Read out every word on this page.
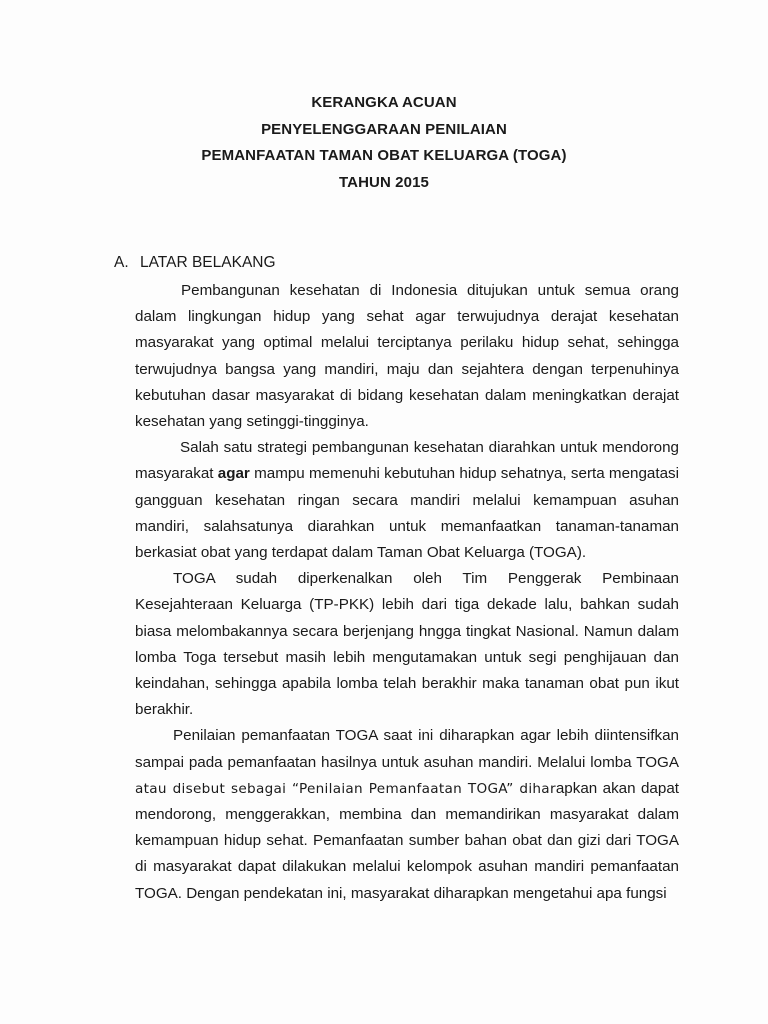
KERANGKA ACUAN
PENYELENGGARAAN PENILAIAN
PEMANFAATAN TAMAN OBAT KELUARGA (TOGA)
TAHUN 2015
A. LATAR BELAKANG

Pembangunan kesehatan di Indonesia ditujukan untuk semua orang dalam lingkungan hidup yang sehat agar terwujudnya derajat kesehatan masyarakat yang optimal melalui terciptanya perilaku hidup sehat, sehingga terwujudnya bangsa yang mandiri, maju dan sejahtera dengan terpenuhinya kebutuhan dasar masyarakat di bidang kesehatan dalam meningkatkan derajat kesehatan yang setinggi-tingginya.

Salah satu strategi pembangunan kesehatan diarahkan untuk mendorong masyarakat agar mampu memenuhi kebutuhan hidup sehatnya, serta mengatasi gangguan kesehatan ringan secara mandiri melalui kemampuan asuhan mandiri, salahsatunya diarahkan untuk memanfaatkan tanaman-tanaman berkasiat obat yang terdapat dalam Taman Obat Keluarga (TOGA).

TOGA sudah diperkenalkan oleh Tim Penggerak Pembinaan Kesejahteraan Keluarga (TP-PKK) lebih dari tiga dekade lalu, bahkan sudah biasa melombakannya secara berjenjang hngga tingkat Nasional. Namun dalam lomba Toga tersebut masih lebih mengutamakan untuk segi penghijauan dan keindahan, sehingga apabila lomba telah berakhir maka tanaman obat pun ikut berakhir.

Penilaian pemanfaatan TOGA saat ini diharapkan agar lebih diintensifkan sampai pada pemanfaatan hasilnya untuk asuhan mandiri. Melalui lomba TOGA atau disebut sebagai “Penilaian Pemanfaatan TOGA” diharapkan akan dapat mendorong, menggerakkan, membina dan memandirikan masyarakat dalam kemampuan hidup sehat. Pemanfaatan sumber bahan obat dan gizi dari TOGA di masyarakat dapat dilakukan melalui kelompok asuhan mandiri pemanfaatan TOGA. Dengan pendekatan ini, masyarakat diharapkan mengetahui apa fungsi
